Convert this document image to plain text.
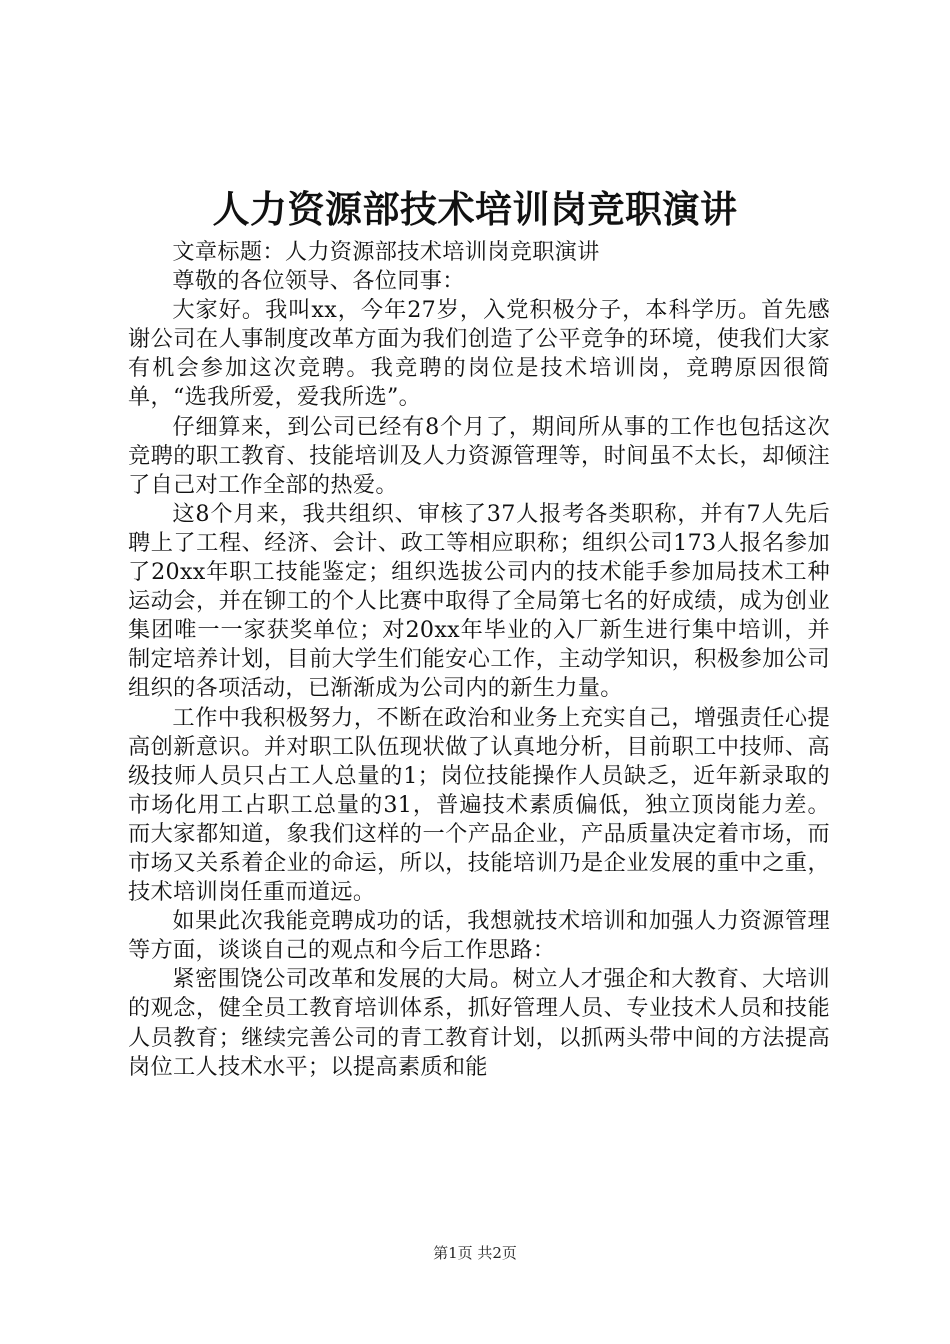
人力资源部技术培训岗竞职演讲

文章标题：人力资源部技术培训岗竞职演讲

尊敬的各位领导、各位同事：

大家好。我叫xx，今年27岁，入党积极分子，本科学历。首先感谢公司在人事制度改革方面为我们创造了公平竞争的环境，使我们大家有机会参加这次竞聘。我竞聘的岗位是技术培训岗，竞聘原因很简单，“选我所爱，爱我所选”。

仔细算来，到公司已经有8个月了，期间所从事的工作也包括这次竞聘的职工教育、技能培训及人力资源管理等，时间虽不太长，却倾注了自己对工作全部的热爱。

这8个月来，我共组织、审核了37人报考各类职称，并有7人先后聘上了工程、经济、会计、政工等相应职称；组织公司173人报名参加了20xx年职工技能鉴定；组织选拔公司内的技术能手参加局技术工种运动会，并在铆工的个人比赛中取得了全局第七名的好成绩，成为创业集团唯一一家获奖单位；对20xx年毕业的入厂新生进行集中培训，并制定培养计划，目前大学生们能安心工作，主动学知识，积极参加公司组织的各项活动，已渐渐成为公司内的新生力量。

工作中我积极努力，不断在政治和业务上充实自己，增强责任心提高创新意识。并对职工队伍现状做了认真地分析，目前职工中技师、高级技师人员只占工人总量的1；岗位技能操作人员缺乏，近年新录取的市场化用工占职工总量的31，普遍技术素质偏低，独立顶岗能力差。而大家都知道，象我们这样的一个产品企业，产品质量决定着市场，而市场又关系着企业的命运，所以，技能培训乃是企业发展的重中之重，技术培训岗任重而道远。

如果此次我能竞聘成功的话，我想就技术培训和加强人力资源管理等方面，谈谈自己的观点和今后工作思路：

紧密围饶公司改革和发展的大局。树立人才强企和大教育、大培训的观念，健全员工教育培训体系，抓好管理人员、专业技术人员和技能人员教育；继续完善公司的青工教育计划，以抓两头带中间的方法提高岗位工人技术水平；以提高素质和能

第1页 共2页
